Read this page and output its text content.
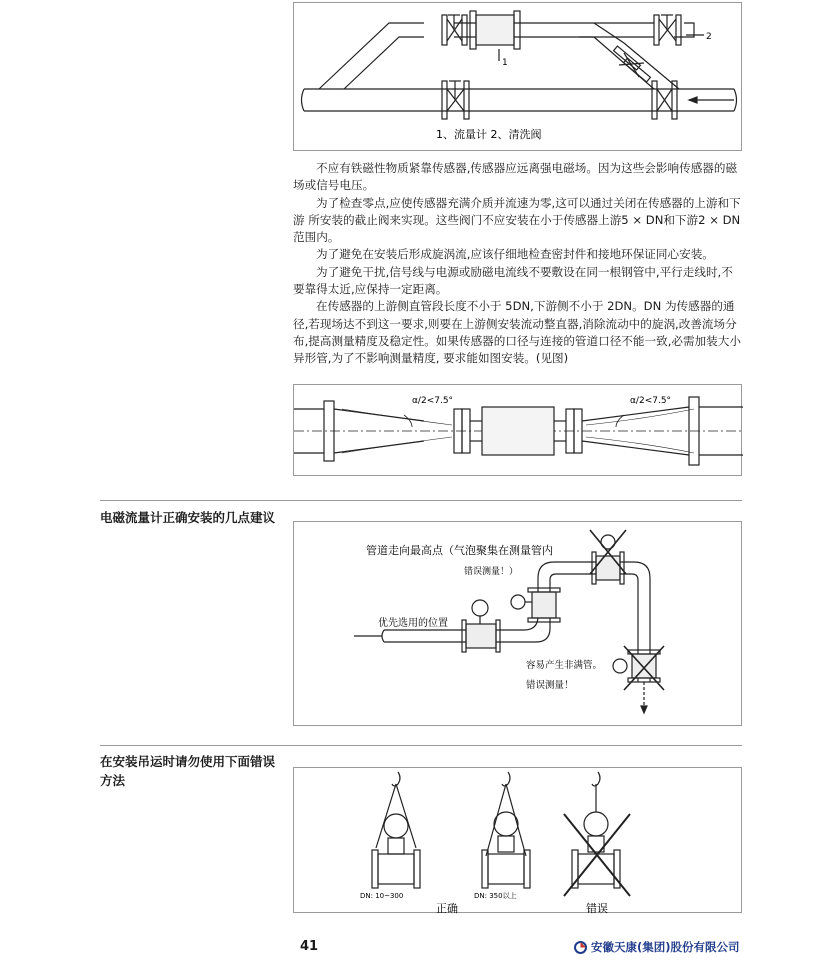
1
2
1、流量计 2、清洗阀

不应有铁磁性物质紧靠传感器,传感器应远离强电磁场。因为这些会影响传感器的磁场或信号电压。

为了检查零点,应使传感器充满介质并流速为零,这可以通过关闭在传感器的上游和下游 所安装的截止阀来实现。这些阀门不应安装在小于传感器上游5 × DN和下游2 × DN 范围内。

为了避免在安装后形成旋涡流,应该仔细地检查密封件和接地环保证同心安装。

为了避免干扰,信号线与电源或励磁电流线不要敷设在同一根钢管中,平行走线时,不要靠得太近,应保持一定距离。

在传感器的上游侧直管段长度不小于 5DN,下游侧不小于 2DN。DN 为传感器的通径,若现场达不到这一要求,则要在上游侧安装流动整直器,消除流动中的旋涡,改善流场分布,提高测量精度及稳定性。如果传感器的口径与连接的管道口径不能一致,必需加装大小异形管,为了不影响测量精度, 要求能如图安装。(见图)

α/2<7.5°	α/2<7.5°
电磁流量计正确安装的几点建议
管道走向最高点（气泡聚集在测量管内
错误测量！）
优先选用的位置
容易产生非满管。
错误测量！
在安装吊运时请勿使用下面错误方法
DN: 10~300	DN: 350以上
正确	错误
41	安徽天康(集团)股份有限公司
